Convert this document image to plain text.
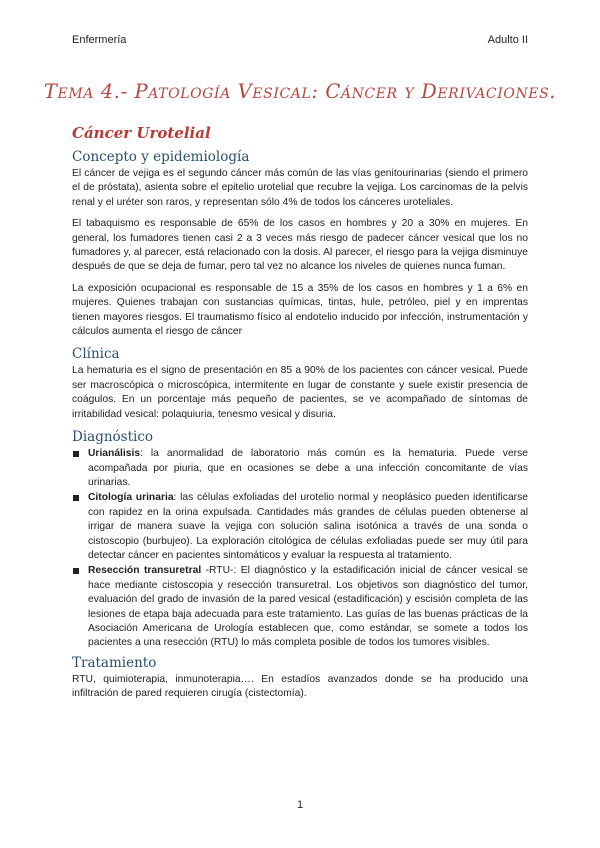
Enfermería	Adulto II
Tema 4.- Patología Vesical: Cáncer y Derivaciones.
Cáncer Urotelial
Concepto y epidemiología

El cáncer de vejiga es el segundo cáncer más común de las vías genitourinarias (siendo el primero el de próstata), asienta sobre el epitelio urotelial que recubre la vejiga. Los carcinomas de la pelvis renal y el uréter son raros, y representan sólo 4% de todos los cánceres uroteliales.

El tabaquismo es responsable de 65% de los casos en hombres y 20 a 30% en mujeres. En general, los fumadores tienen casi 2 a 3 veces más riesgo de padecer cáncer vesical que los no fumadores y, al parecer, está relacionado con la dosis. Al parecer, el riesgo para la vejiga disminuye después de que se deja de fumar, pero tal vez no alcance los niveles de quienes nunca fuman.

La exposición ocupacional es responsable de 15 a 35% de los casos en hombres y 1 a 6% en mujeres. Quienes trabajan con sustancias químicas, tintas, hule, petróleo, piel y en imprentas tienen mayores riesgos. El traumatismo físico al endotelio inducido por infección, instrumentación y cálculos aumenta el riesgo de cáncer

Clínica

La hematuria es el signo de presentación en 85 a 90% de los pacientes con cáncer vesical. Puede ser macroscópica o microscópica, intermitente en lugar de constante y suele existir presencia de coágulos. En un porcentaje más pequeño de pacientes, se ve acompañado de síntomas de irritabilidad vesical: polaquiuria, tenesmo vesical y disuria.

Diagnóstico
Urianálisis: la anormalidad de laboratorio más común es la hematuria. Puede verse acompañada por piuria, que en ocasiones se debe a una infección concomitante de vías urinarias.
Citología urinaria: las células exfoliadas del urotelio normal y neoplásico pueden identificarse con rapidez en la orina expulsada. Cantidades más grandes de células pueden obtenerse al irrigar de manera suave la vejiga con solución salina isotónica a través de una sonda o cistoscopio (burbujeo). La exploración citológica de células exfoliadas puede ser muy útil para detectar cáncer en pacientes sintomáticos y evaluar la respuesta al tratamiento.
Resección transuretral -RTU-: El diagnóstico y la estadificación inicial de cáncer vesical se hace mediante cistoscopia y resección transuretral. Los objetivos son diagnóstico del tumor, evaluación del grado de invasión de la pared vesical (estadificación) y escisión completa de las lesiones de etapa baja adecuada para este tratamiento. Las guías de las buenas prácticas de la Asociación Americana de Urología establecen que, como estándar, se somete a todos los pacientes a una resección (RTU) lo más completa posible de todos los tumores visibles.
Tratamiento

RTU, quimioterapia, inmunoterapia…. En estadíos avanzados donde se ha producido una infiltración de pared requieren cirugía (cistectomía).

1
